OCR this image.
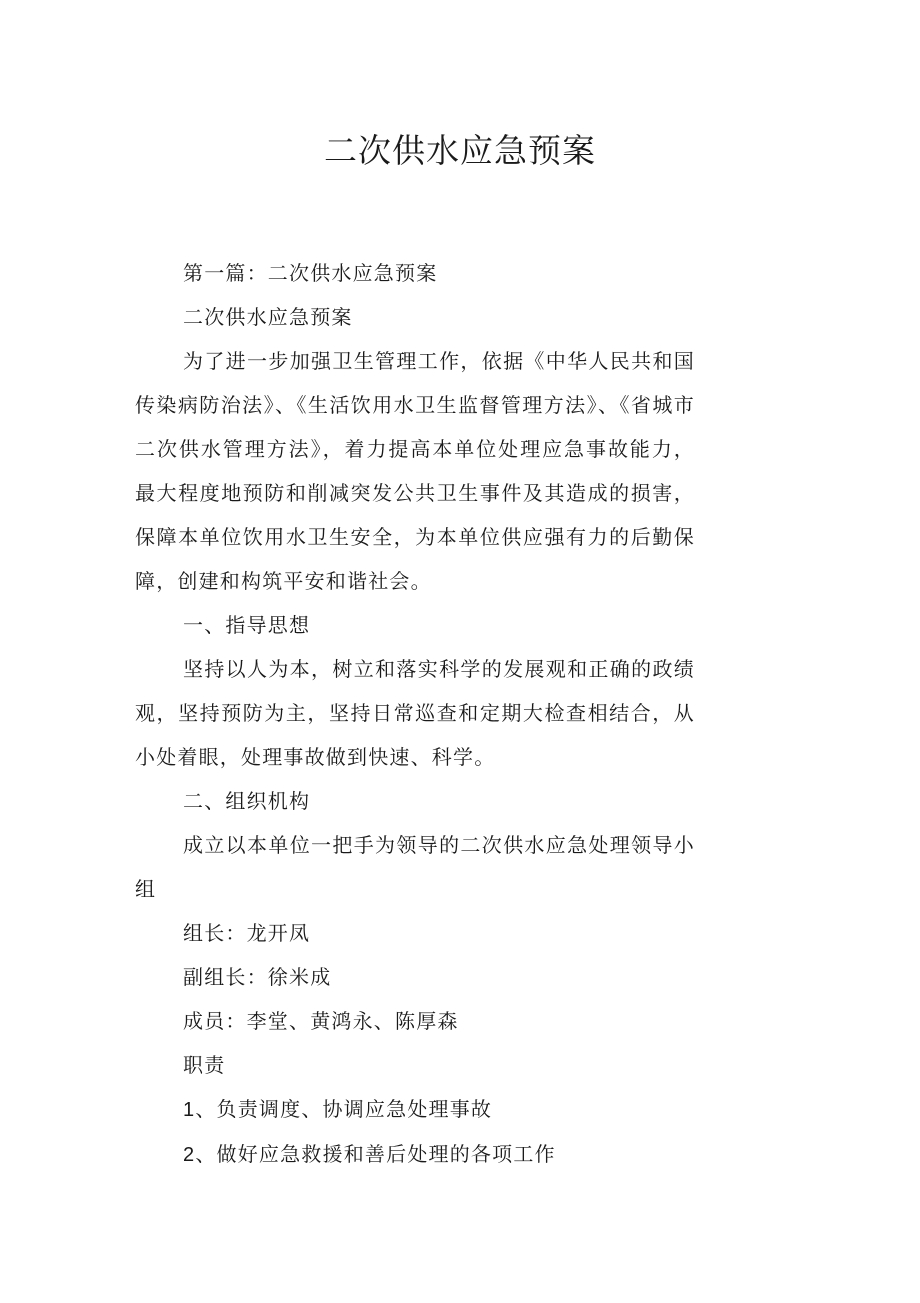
二次供水应急预案

第一篇：二次供水应急预案

二次供水应急预案

为了进一步加强卫生管理工作，依据《中华人民共和国传染病防治法》、《生活饮用水卫生监督管理方法》、《省城市二次供水管理方法》，着力提高本单位处理应急事故能力，最大程度地预防和削减突发公共卫生事件及其造成的损害，保障本单位饮用水卫生安全，为本单位供应强有力的后勤保障，创建和构筑平安和谐社会。

一、指导思想

坚持以人为本，树立和落实科学的发展观和正确的政绩观，坚持预防为主，坚持日常巡查和定期大检查相结合，从小处着眼，处理事故做到快速、科学。

二、组织机构

成立以本单位一把手为领导的二次供水应急处理领导小组

组长：龙开凤

副组长：徐米成

成员：李堂、黄鸿永、陈厚森

职责

1、负责调度、协调应急处理事故

2、做好应急救援和善后处理的各项工作
